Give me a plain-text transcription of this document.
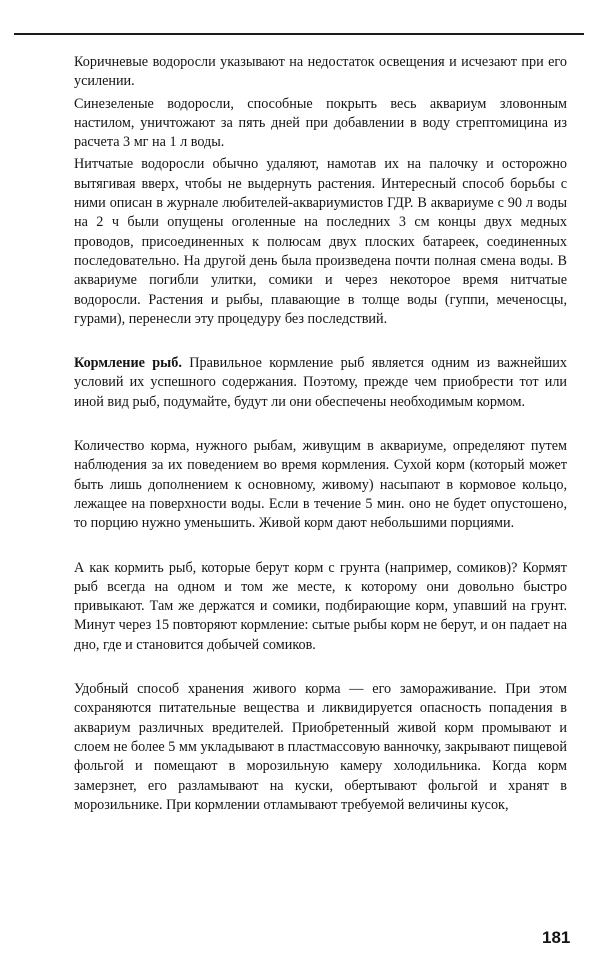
Коричневые водоросли указывают на недостаток освещения и исчезают при его усилении.

Синезеленые водоросли, способные покрыть весь аквариум зловонным настилом, уничтожают за пять дней при добавлении в воду стрептомицина из расчета 3 мг на 1 л воды.

Нитчатые водоросли обычно удаляют, намотав их на палочку и осторожно вытягивая вверх, чтобы не выдернуть растения. Интересный способ борьбы с ними описан в журнале любителей-аквариумистов ГДР. В аквариуме с 90 л воды на 2 ч были опущены оголенные на последних 3 см концы двух медных проводов, присоединенных к полюсам двух плоских батареек, соединенных последовательно. На другой день была произведена почти полная смена воды. В аквариуме погибли улитки, сомики и через некоторое время нитчатые водоросли. Растения и рыбы, плавающие в толще воды (гуппи, меченосцы, гурами), перенесли эту процедуру без последствий.

Кормление рыб. Правильное кормление рыб является одним из важнейших условий их успешного содержания. Поэтому, прежде чем приобрести тот или иной вид рыб, подумайте, будут ли они обеспечены необходимым кормом.

Количество корма, нужного рыбам, живущим в аквариуме, определяют путем наблюдения за их поведением во время кормления. Сухой корм (который может быть лишь дополнением к основному, живому) насыпают в кормовое кольцо, лежащее на поверхности воды. Если в течение 5 мин. оно не будет опустошено, то порцию нужно уменьшить. Живой корм дают небольшими порциями.

А как кормить рыб, которые берут корм с грунта (например, сомиков)? Кормят рыб всегда на одном и том же месте, к которому они довольно быстро привыкают. Там же держатся и сомики, подбирающие корм, упавший на грунт. Минут через 15 повторяют кормление: сытые рыбы корм не берут, и он падает на дно, где и становится добычей сомиков.

Удобный способ хранения живого корма — его замораживание. При этом сохраняются питательные вещества и ликвидируется опасность попадения в аквариум различных вредителей. Приобретенный живой корм промывают и слоем не более 5 мм укладывают в пластмассовую ванночку, закрывают пищевой фольгой и помещают в морозильную камеру холодильника. Когда корм замерзнет, его разламывают на куски, обертывают фольгой и хранят в морозильнике. При кормлении отламывают требуемой величины кусок,

181
